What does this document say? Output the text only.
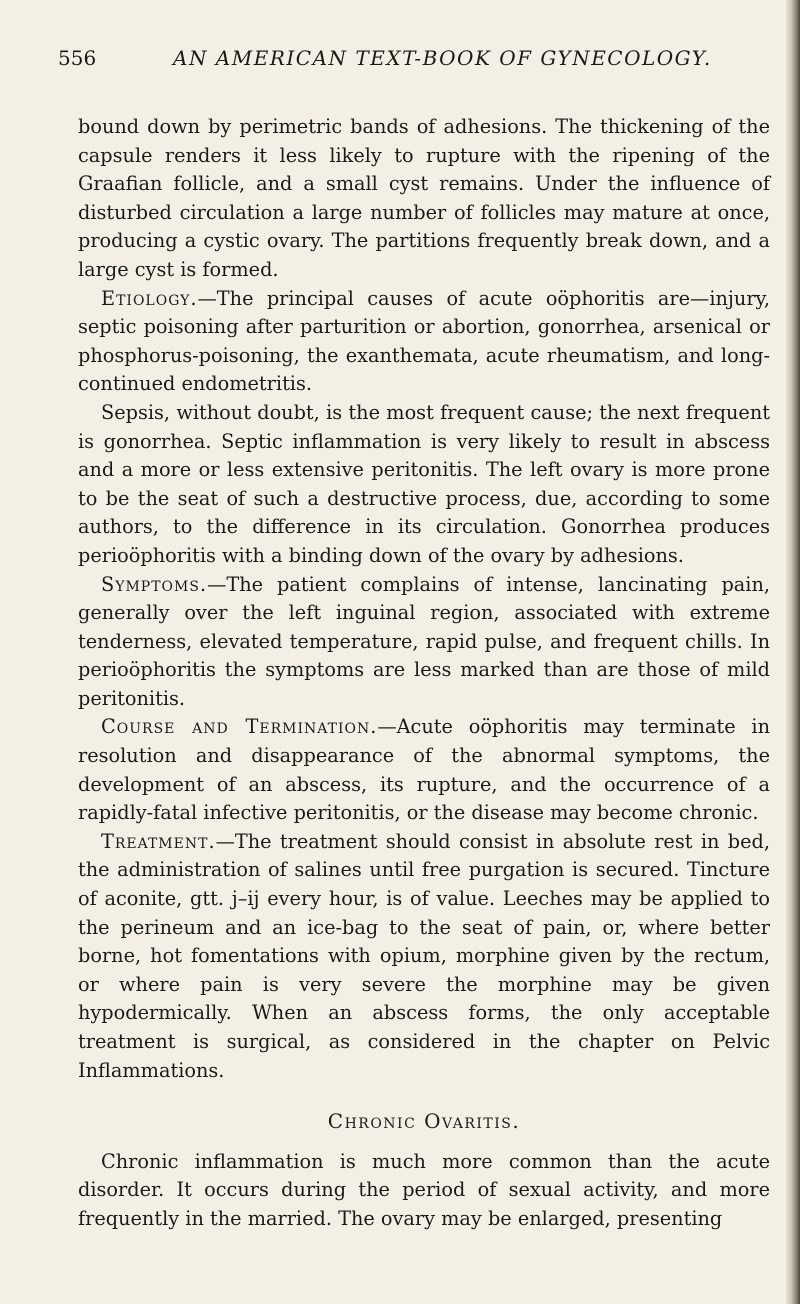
556	AN AMERICAN TEXT-BOOK OF GYNECOLOGY.

bound down by perimetric bands of adhesions. The thickening of the capsule renders it less likely to rupture with the ripening of the Graafian follicle, and a small cyst remains. Under the influence of disturbed circulation a large number of follicles may mature at once, producing a cystic ovary. The partitions frequently break down, and a large cyst is formed.

Etiology.—The principal causes of acute oöphoritis are—injury, septic poisoning after parturition or abortion, gonorrhea, arsenical or phosphorus-poisoning, the exanthemata, acute rheumatism, and long-continued endometritis.

Sepsis, without doubt, is the most frequent cause; the next frequent is gonorrhea. Septic inflammation is very likely to result in abscess and a more or less extensive peritonitis. The left ovary is more prone to be the seat of such a destructive process, due, according to some authors, to the difference in its circulation. Gonorrhea produces perioöphoritis with a binding down of the ovary by adhesions.

Symptoms.—The patient complains of intense, lancinating pain, generally over the left inguinal region, associated with extreme tenderness, elevated temperature, rapid pulse, and frequent chills. In perioöphoritis the symptoms are less marked than are those of mild peritonitis.

Course and Termination.—Acute oöphoritis may terminate in resolution and disappearance of the abnormal symptoms, the development of an abscess, its rupture, and the occurrence of a rapidly-fatal infective peritonitis, or the disease may become chronic.

Treatment.—The treatment should consist in absolute rest in bed, the administration of salines until free purgation is secured. Tincture of aconite, gtt. j–ij every hour, is of value. Leeches may be applied to the perineum and an ice-bag to the seat of pain, or, where better borne, hot fomentations with opium, morphine given by the rectum, or where pain is very severe the morphine may be given hypodermically. When an abscess forms, the only acceptable treatment is surgical, as considered in the chapter on Pelvic Inflammations.

Chronic Ovaritis.

Chronic inflammation is much more common than the acute disorder. It occurs during the period of sexual activity, and more frequently in the married. The ovary may be enlarged, presenting
